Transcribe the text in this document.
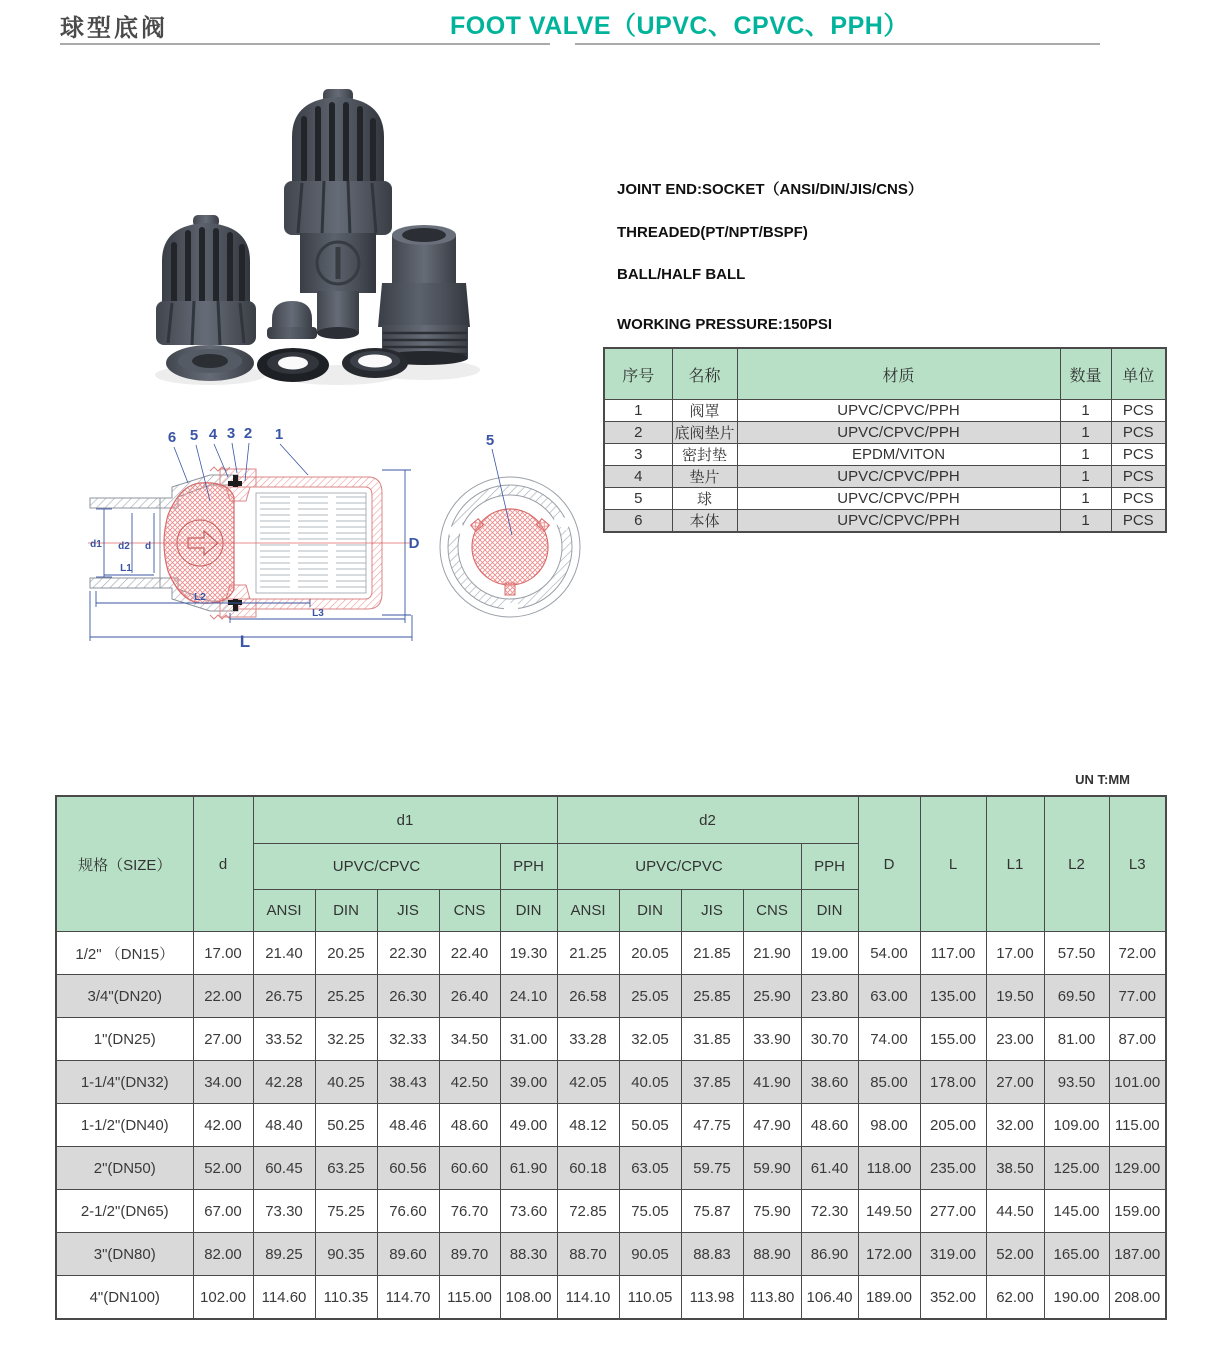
球型底阀	FOOT VALVE（UPVC、CPVC、PPH）
JOINT END:SOCKET（ANSI/DIN/JIS/CNS）
THREADED(PT/NPT/BSPF)
BALL/HALF BALL
WORKING PRESSURE:150PSI
序号	名称	材质	数量	单位
1	阀罩	UPVC/CPVC/PPH	1	PCS
2	底阀垫片	UPVC/CPVC/PPH	1	PCS
3	密封垫	EPDM/VITON	1	PCS
4	垫片	UPVC/CPVC/PPH	1	PCS
5	球	UPVC/CPVC/PPH	1	PCS
6	本体	UPVC/CPVC/PPH	1	PCS
d1 d2 d
L1
L2
L3
L
D
6 5 4 3 2 1	5
UN T:MM
规格（SIZE）	d	d1					d2					D	L	L1	L2	L3
		UPVC/CPVC				PPH	UPVC/CPVC				PPH					
		ANSI	DIN	JIS	CNS	DIN	ANSI	DIN	JIS	CNS	DIN					
1/2" （DN15）	17.00	21.40	20.25	22.30	22.40	19.30	21.25	20.05	21.85	21.90	19.00	54.00	117.00	17.00	57.50	72.00
3/4"(DN20)	22.00	26.75	25.25	26.30	26.40	24.10	26.58	25.05	25.85	25.90	23.80	63.00	135.00	19.50	69.50	77.00
1"(DN25)	27.00	33.52	32.25	32.33	34.50	31.00	33.28	32.05	31.85	33.90	30.70	74.00	155.00	23.00	81.00	87.00
1-1/4"(DN32)	34.00	42.28	40.25	38.43	42.50	39.00	42.05	40.05	37.85	41.90	38.60	85.00	178.00	27.00	93.50	101.00
1-1/2"(DN40)	42.00	48.40	50.25	48.46	48.60	49.00	48.12	50.05	47.75	47.90	48.60	98.00	205.00	32.00	109.00	115.00
2"(DN50)	52.00	60.45	63.25	60.56	60.60	61.90	60.18	63.05	59.75	59.90	61.40	118.00	235.00	38.50	125.00	129.00
2-1/2"(DN65)	67.00	73.30	75.25	76.60	76.70	73.60	72.85	75.05	75.87	75.90	72.30	149.50	277.00	44.50	145.00	159.00
3"(DN80)	82.00	89.25	90.35	89.60	89.70	88.30	88.70	90.05	88.83	88.90	86.90	172.00	319.00	52.00	165.00	187.00
4"(DN100)	102.00	114.60	110.35	114.70	115.00	108.00	114.10	110.05	113.98	113.80	106.40	189.00	352.00	62.00	190.00	208.00
